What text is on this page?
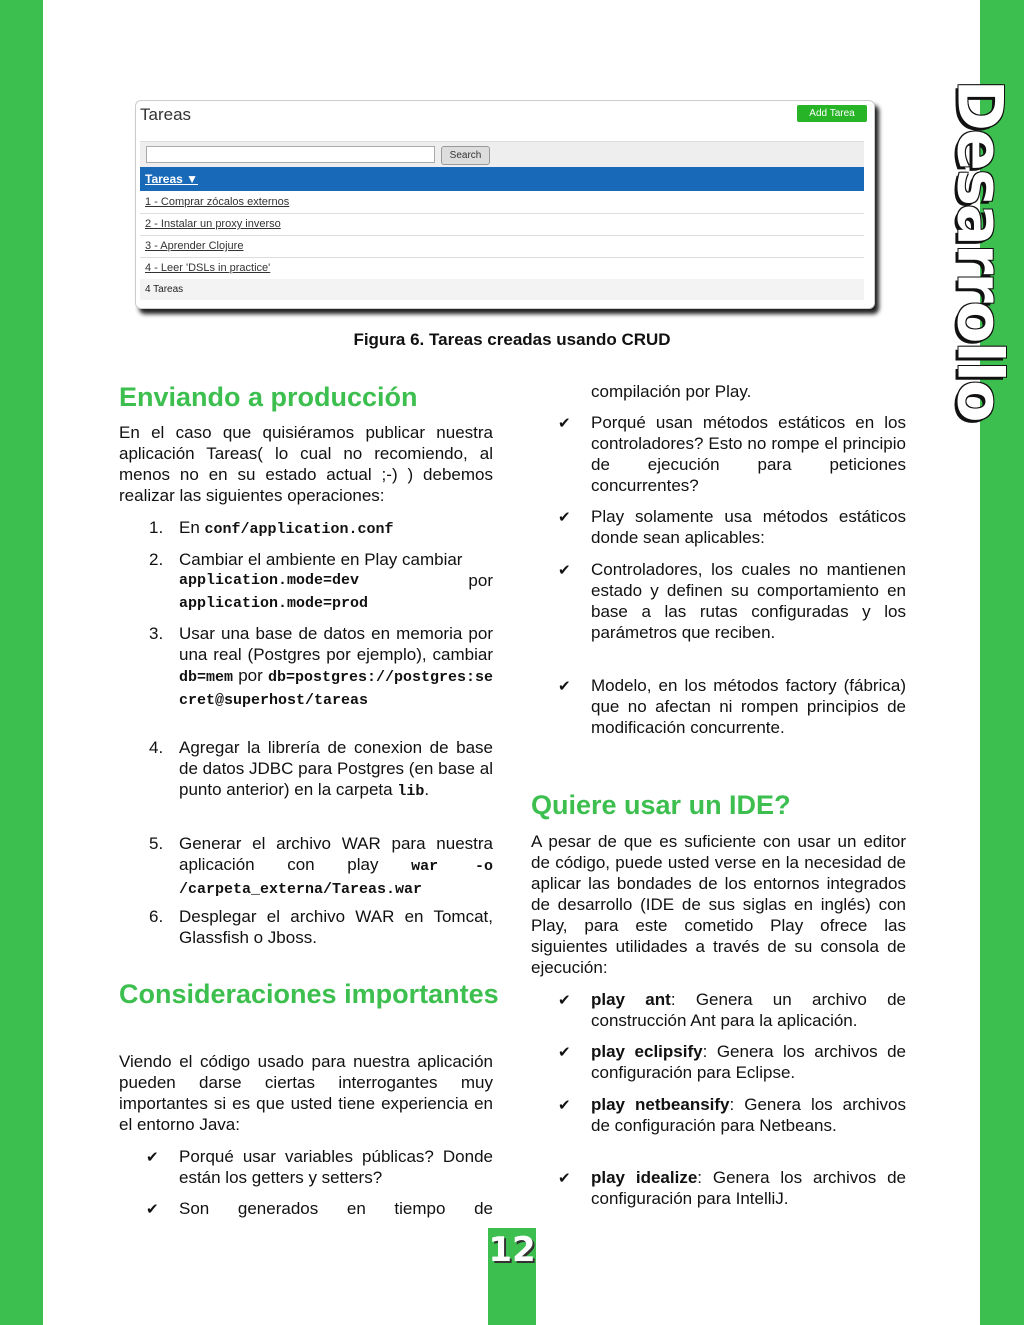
Desarrollo
Tareas	Add Tarea
Search
Tareas ▼
1 - Comprar zócalos externos
2 - Instalar un proxy inverso
3 - Aprender Clojure
4 - Leer 'DSLs in practice'
4 Tareas
Figura 6. Tareas creadas usando CRUD
Enviando a producción
En el caso que quisiéramos publicar nuestra aplicación Tareas( lo cual no recomiendo, al menos no en su estado actual ;-) ) debemos realizar las siguientes operaciones:
1. En conf/application.conf
2. Cambiar el ambiente en Play cambiar
application.mode=dev	por
application.mode=prod
3. Usar una base de datos en memoria por una real (Postgres por ejemplo), cambiar db=mem por db=postgres://postgres:secret@superhost/tareas
4. Agregar la librería de conexion de base de datos JDBC para Postgres (en base al punto anterior) en la carpeta lib.
5. Generar el archivo WAR para nuestra aplicación con play war -o /carpeta_externa/Tareas.war
6. Desplegar el archivo WAR en Tomcat, Glassfish o Jboss.
Consideraciones importantes
Viendo el código usado para nuestra aplicación pueden darse ciertas interrogantes muy importantes si es que usted tiene experiencia en el entorno Java:
✔ Porqué usar variables públicas? Donde están los getters y setters?
✔ Son generados en tiempo de
compilación por Play.
✔ Porqué usan métodos estáticos en los controladores? Esto no rompe el principio de ejecución para peticiones concurrentes?
✔ Play solamente usa métodos estáticos donde sean aplicables:
✔ Controladores, los cuales no mantienen estado y definen su comportamiento en base a las rutas configuradas y los parámetros que reciben.
✔ Modelo, en los métodos factory (fábrica) que no afectan ni rompen principios de modificación concurrente.
Quiere usar un IDE?
A pesar de que es suficiente con usar un editor de código, puede usted verse en la necesidad de aplicar las bondades de los entornos integrados de desarrollo (IDE de sus siglas en inglés) con Play, para este cometido Play ofrece las siguientes utilidades a través de su consola de ejecución:
✔ play ant: Genera un archivo de construcción Ant para la aplicación.
✔ play eclipsify: Genera los archivos de configuración para Eclipse.
✔ play netbeansify: Genera los archivos de configuración para Netbeans.
✔ play idealize: Genera los archivos de configuración para IntelliJ.
12
